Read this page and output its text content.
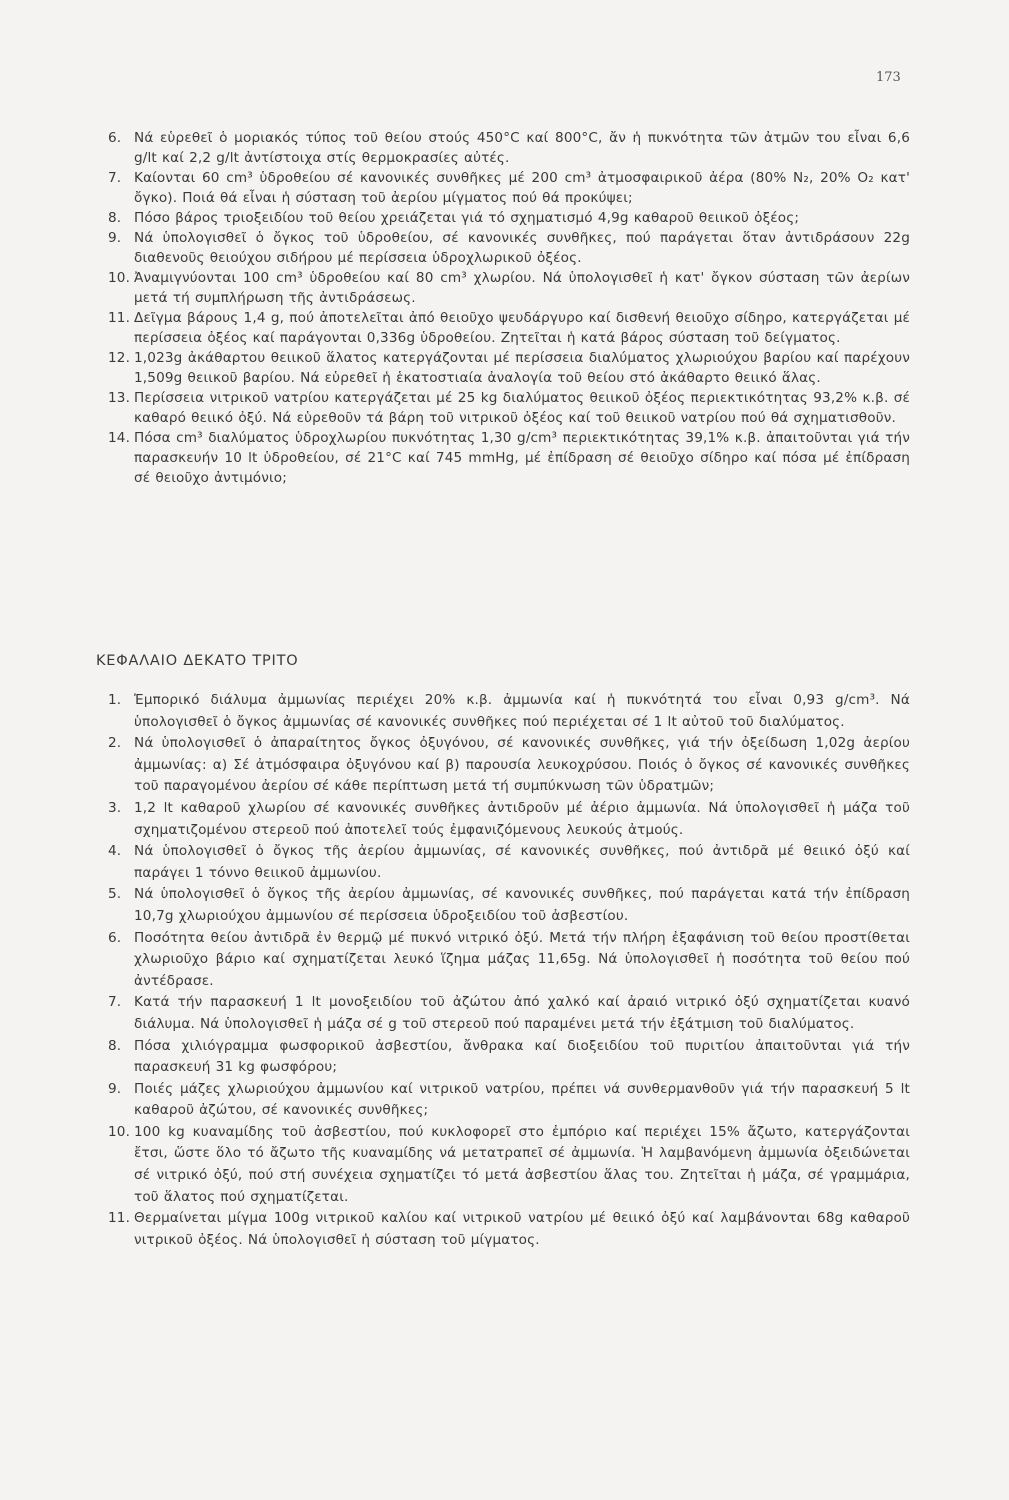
173
6. Νά εὑρεθεῖ ὁ μοριακός τύπος τοῦ θείου στούς 450°C καί 800°C, ἄν ἡ πυκνότητα τῶν ἀτμῶν του εἶναι 6,6 g/lt καί 2,2 g/lt ἀντίστοιχα στίς θερμοκρασίες αὐτές.
7. Καίονται 60 cm³ ὑδροθείου σέ κανονικές συνθῆκες μέ 200 cm³ ἀτμοσφαιρικοῦ ἀέρα (80% N₂, 20% O₂ κατ' ὄγκο). Ποιά θά εἶναι ἡ σύσταση τοῦ ἀερίου μίγματος πού θά προκύψει;
8. Πόσο βάρος τριοξειδίου τοῦ θείου χρειάζεται γιά τό σχηματισμό 4,9g καθαροῦ θειικοῦ ὀξέος;
9. Νά ὑπολογισθεῖ ὁ ὄγκος τοῦ ὑδροθείου, σέ κανονικές συνθῆκες, πού παράγεται ὅταν ἀντιδράσουν 22g διαθενοῦς θειούχου σιδήρου μέ περίσσεια ὑδροχλωρικοῦ ὀξέος.
10. Ἀναμιγνύονται 100 cm³ ὑδροθείου καί 80 cm³ χλωρίου. Νά ὑπολογισθεῖ ἡ κατ' ὄγκον σύσταση τῶν ἀερίων μετά τή συμπλήρωση τῆς ἀντιδράσεως.
11. Δεῖγμα βάρους 1,4 g, πού ἀποτελεῖται ἀπό θειοῦχο ψευδάργυρο καί δισθενή θειοῦχο σίδηρο, κατεργάζεται μέ περίσσεια ὀξέος καί παράγονται 0,336g ὑδροθείου. Ζητεῖται ἡ κατά βάρος σύσταση τοῦ δείγματος.
12. 1,023g ἀκάθαρτου θειικοῦ ἅλατος κατεργάζονται μέ περίσσεια διαλύματος χλωριούχου βαρίου καί παρέχουν 1,509g θειικοῦ βαρίου. Νά εὑρεθεῖ ἡ ἑκατοστιαία ἀναλογία τοῦ θείου στό ἀκάθαρτο θειικό ἅλας.
13. Περίσσεια νιτρικοῦ νατρίου κατεργάζεται μέ 25 kg διαλύματος θειικοῦ ὀξέος περιεκτικότητας 93,2% κ.β. σέ καθαρό θειικό ὀξύ. Νά εὑρεθοῦν τά βάρη τοῦ νιτρικοῦ ὀξέος καί τοῦ θειικοῦ νατρίου πού θά σχηματισθοῦν.
14. Πόσα cm³ διαλύματος ὑδροχλωρίου πυκνότητας 1,30 g/cm³ περιεκτικότητας 39,1% κ.β. ἀπαιτοῦνται γιά τήν παρασκευήν 10 lt ὑδροθείου, σέ 21°C καί 745 mmHg, μέ ἐπίδραση σέ θειοῦχο σίδηρο καί πόσα μέ ἐπίδραση σέ θειοῦχο ἀντιμόνιο;
ΚΕΦΑΛΑΙΟ ΔΕΚΑΤΟ ΤΡΙΤΟ
1. Ἐμπορικό διάλυμα ἀμμωνίας περιέχει 20% κ.β. ἀμμωνία καί ἡ πυκνότητά του εἶναι 0,93 g/cm³. Νά ὑπολογισθεῖ ὁ ὄγκος ἀμμωνίας σέ κανονικές συνθῆκες πού περιέχεται σέ 1 lt αὐτοῦ τοῦ διαλύματος.
2. Νά ὑπολογισθεῖ ὁ ἀπαραίτητος ὄγκος ὀξυγόνου, σέ κανονικές συνθῆκες, γιά τήν ὀξείδωση 1,02g ἀερίου ἀμμωνίας: α) Σέ ἀτμόσφαιρα ὀξυγόνου καί β) παρουσία λευκοχρύσου. Ποιός ὁ ὄγκος σέ κανονικές συνθῆκες τοῦ παραγομένου ἀερίου σέ κάθε περίπτωση μετά τή συμπύκνωση τῶν ὑδρατμῶν;
3. 1,2 lt καθαροῦ χλωρίου σέ κανονικές συνθῆκες ἀντιδροῦν μέ ἀέριο ἀμμωνία. Νά ὑπολογισθεῖ ἡ μάζα τοῦ σχηματιζομένου στερεοῦ πού ἀποτελεῖ τούς ἐμφανιζόμενους λευκούς ἀτμούς.
4. Νά ὑπολογισθεῖ ὁ ὄγκος τῆς ἀερίου ἀμμωνίας, σέ κανονικές συνθῆκες, πού ἀντιδρᾶ μέ θειικό ὀξύ καί παράγει 1 τόννο θειικοῦ ἀμμωνίου.
5. Νά ὑπολογισθεῖ ὁ ὄγκος τῆς ἀερίου ἀμμωνίας, σέ κανονικές συνθῆκες, πού παράγεται κατά τήν ἐπίδραση 10,7g χλωριούχου ἀμμωνίου σέ περίσσεια ὑδροξειδίου τοῦ ἀσβεστίου.
6. Ποσότητα θείου ἀντιδρᾶ ἐν θερμῷ μέ πυκνό νιτρικό ὀξύ. Μετά τήν πλήρη ἐξαφάνιση τοῦ θείου προστίθεται χλωριοῦχο βάριο καί σχηματίζεται λευκό ἵζημα μάζας 11,65g. Νά ὑπολογισθεῖ ἡ ποσότητα τοῦ θείου πού ἀντέδρασε.
7. Κατά τήν παρασκευή 1 lt μονοξειδίου τοῦ ἀζώτου ἀπό χαλκό καί ἀραιό νιτρικό ὀξύ σχηματίζεται κυανό διάλυμα. Νά ὑπολογισθεῖ ἡ μάζα σέ g τοῦ στερεοῦ πού παραμένει μετά τήν ἐξάτμιση τοῦ διαλύματος.
8. Πόσα χιλιόγραμμα φωσφορικοῦ ἀσβεστίου, ἄνθρακα καί διοξειδίου τοῦ πυριτίου ἀπαιτοῦνται γιά τήν παρασκευή 31 kg φωσφόρου;
9. Ποιές μάζες χλωριούχου ἀμμωνίου καί νιτρικοῦ νατρίου, πρέπει νά συνθερμανθοῦν γιά τήν παρασκευή 5 lt καθαροῦ ἀζώτου, σέ κανονικές συνθῆκες;
10. 100 kg κυαναμίδης τοῦ ἀσβεστίου, πού κυκλοφορεῖ στο ἐμπόριο καί περιέχει 15% ἄζωτο, κατεργάζονται ἔτσι, ὥστε ὅλο τό ἄζωτο τῆς κυαναμίδης νά μετατραπεῖ σέ ἀμμωνία. Ἡ λαμβανόμενη ἀμμωνία ὀξειδώνεται σέ νιτρικό ὀξύ, πού στή συνέχεια σχηματίζει τό μετά ἀσβεστίου ἅλας του. Ζητεῖται ἡ μάζα, σέ γραμμάρια, τοῦ ἅλατος πού σχηματίζεται.
11. Θερμαίνεται μίγμα 100g νιτρικοῦ καλίου καί νιτρικοῦ νατρίου μέ θειικό ὀξύ καί λαμβάνονται 68g καθαροῦ νιτρικοῦ ὀξέος. Νά ὑπολογισθεῖ ἡ σύσταση τοῦ μίγματος.
